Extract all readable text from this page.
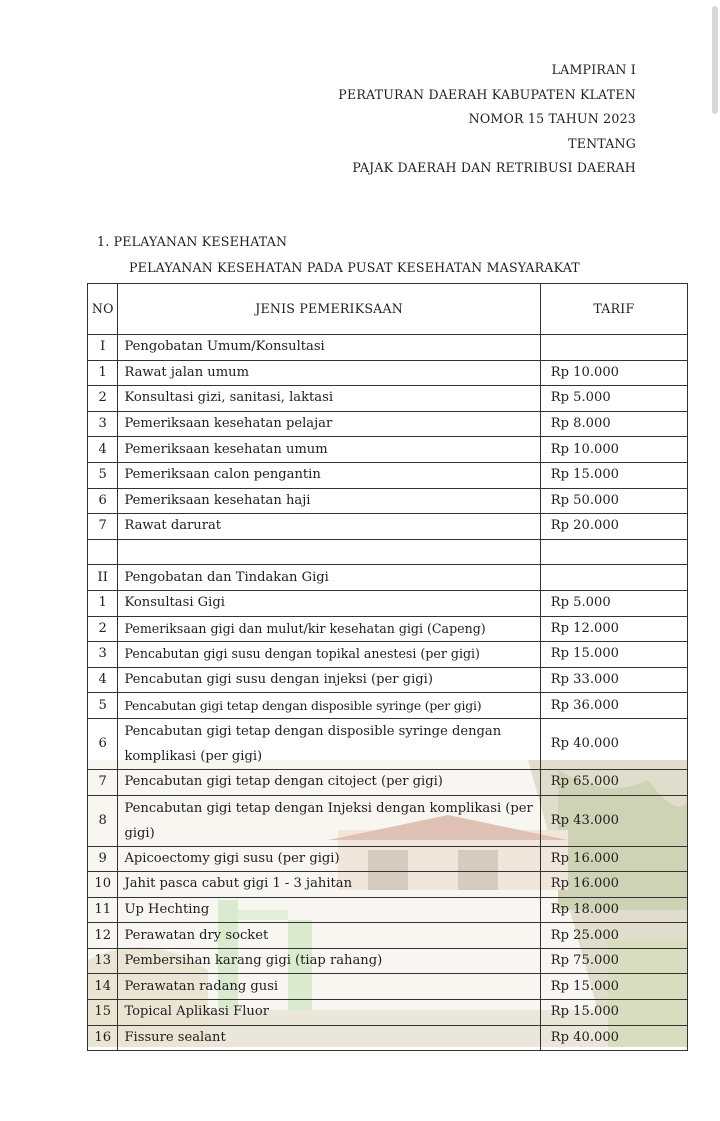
LAMPIRAN I
PERATURAN DAERAH KABUPATEN KLATEN
NOMOR 15 TAHUN 2023
TENTANG
PAJAK DAERAH DAN RETRIBUSI DAERAH
1. PELAYANAN KESEHATAN
PELAYANAN KESEHATAN PADA PUSAT KESEHATAN MASYARAKAT
NO	JENIS PEMERIKSAAN	TARIF
I	Pengobatan Umum/Konsultasi	
1	Rawat jalan umum	Rp 10.000
2	Konsultasi gizi, sanitasi, laktasi	Rp 5.000
3	Pemeriksaan kesehatan pelajar	Rp 8.000
4	Pemeriksaan kesehatan umum	Rp 10.000
5	Pemeriksaan calon pengantin	Rp 15.000
6	Pemeriksaan kesehatan haji	Rp 50.000
7	Rawat darurat	Rp 20.000

II	Pengobatan dan Tindakan Gigi	
1	Konsultasi Gigi	Rp 5.000
2	Pemeriksaan gigi dan mulut/kir kesehatan gigi (Capeng)	Rp 12.000
3	Pencabutan gigi susu dengan topikal anestesi (per gigi)	Rp 15.000
4	Pencabutan gigi susu dengan injeksi (per gigi)	Rp 33.000
5	Pencabutan gigi tetap dengan disposible syringe (per gigi)	Rp 36.000
6	Pencabutan gigi tetap dengan disposible syringe dengan komplikasi (per gigi)	Rp 40.000
7	Pencabutan gigi tetap dengan citoject (per gigi)	Rp 65.000
8	Pencabutan gigi tetap dengan Injeksi dengan komplikasi (per gigi)	Rp 43.000
9	Apicoectomy gigi susu (per gigi)	Rp 16.000
10	Jahit pasca cabut gigi 1 - 3 jahitan	Rp 16.000
11	Up Hechting	Rp 18.000
12	Perawatan dry socket	Rp 25.000
13	Pembersihan karang gigi (tiap rahang)	Rp 75.000
14	Perawatan radang gusi	Rp 15.000
15	Topical Aplikasi Fluor	Rp 15.000
16	Fissure sealant	Rp 40.000
